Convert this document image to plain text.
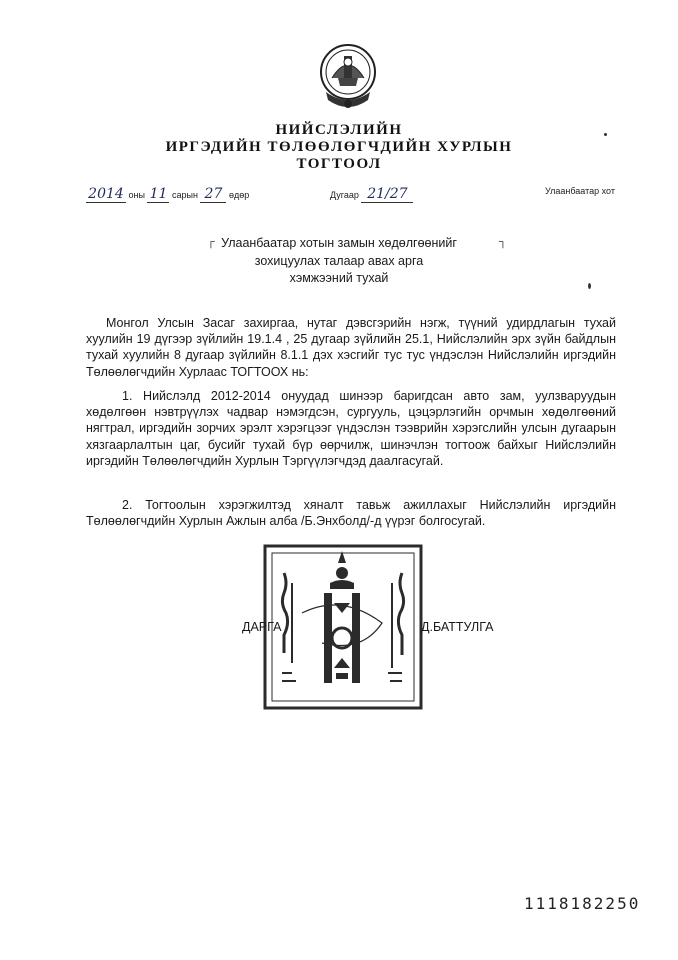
НИЙСЛЭЛИЙН
ИРГЭДИЙН ТӨЛӨӨЛӨГЧДИЙН ХУРЛЫН
ТОГТООЛ
2014 оны 11 сарын 27 өдөр	Дугаар 21/27	Улаанбаатар хот
┌	┐
Улаанбаатар хотын замын хөдөлгөөнийг
зохицуулах талаар авах арга
хэмжээний тухай
Монгол Улсын Засаг захиргаа, нутаг дэвсгэрийн нэгж, түүний удирдлагын тухай хуулийн 19 дүгээр зүйлийн 19.1.4 , 25 дугаар зүйлийн 25.1, Нийслэлийн эрх зүйн байдлын тухай хуулийн 8 дугаар зүйлийн 8.1.1 дэх хэсгийг тус тус үндэслэн Нийслэлийн иргэдийн Төлөөлөгчдийн Хурлаас ТОГТООХ нь:
1. Нийслэлд 2012-2014 онуудад шинээр баригдсан авто зам, уулзваруудын хөдөлгөөн нэвтрүүлэх чадвар нэмэгдсэн, сургууль, цэцэрлэгийн орчмын хөдөлгөөний нягтрал, иргэдийн зорчих эрэлт хэрэгцээг үндэслэн тээврийн хэрэгслийн улсын дугаарын хязгаарлалтын цаг, бусийг тухай бүр өөрчилж, шинэчлэн тогтоож байхыг Нийслэлийн иргэдийн Төлөөлөгчдийн Хурлын Тэргүүлэгчдэд даалгасугай.
2. Тогтоолын хэрэгжилтэд хяналт тавьж ажиллахыг Нийслэлийн иргэдийн Төлөөлөгчдийн Хурлын Ажлын алба /Б.Энхболд/-д үүрэг болгосугай.
ДАРГА	Д.БАТТУЛГА
1118182250
